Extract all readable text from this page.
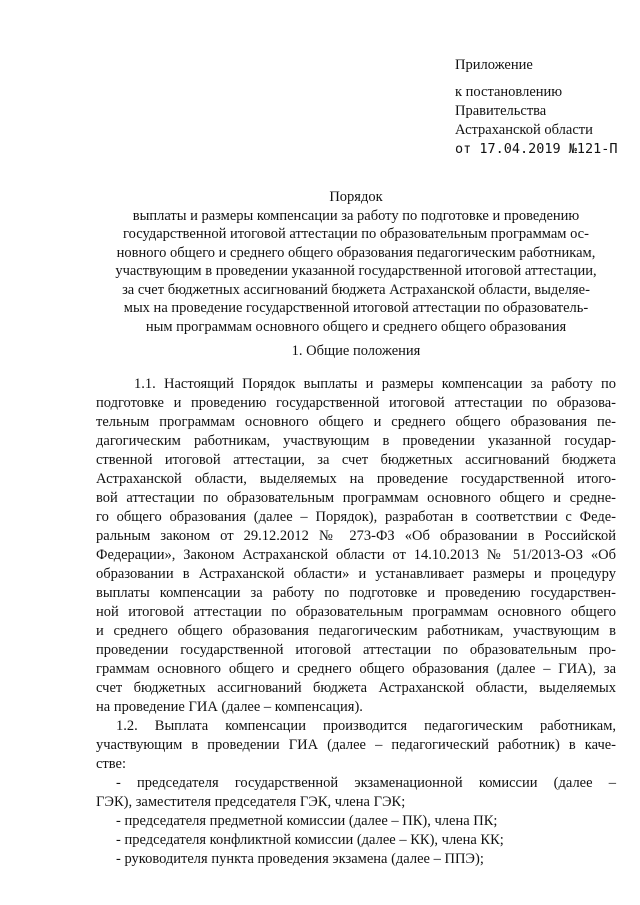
Приложение
к постановлению
Правительства
Астраханской области
от 17.04.2019 №121-П
Порядок
выплаты и размеры компенсации за работу по подготовке и проведению
государственной итоговой аттестации по образовательным программам ос-
новного общего и среднего общего образования педагогическим работникам,
участвующим в проведении указанной государственной итоговой аттестации,
за счет бюджетных ассигнований бюджета Астраханской области, выделяе-
мых на проведение государственной итоговой аттестации по образователь-
ным программам основного общего и среднего общего образования
1. Общие положения
1.1. Настоящий Порядок выплаты и размеры компенсации за работу по
подготовке и проведению государственной итоговой аттестации по образова-
тельным программам основного общего и среднего общего образования пе-
дагогическим работникам, участвующим в проведении указанной государ-
ственной итоговой аттестации, за счет бюджетных ассигнований бюджета
Астраханской области, выделяемых на проведение государственной итого-
вой аттестации по образовательным программам основного общего и средне-
го общего образования (далее – Порядок), разработан в соответствии с Феде-
ральным законом от 29.12.2012 № 273-ФЗ «Об образовании в Российской
Федерации», Законом Астраханской области от 14.10.2013 № 51/2013-ОЗ «Об
образовании в Астраханской области» и устанавливает размеры и процедуру
выплаты компенсации за работу по подготовке и проведению государствен-
ной итоговой аттестации по образовательным программам основного общего
и среднего общего образования педагогическим работникам, участвующим в
проведении государственной итоговой аттестации по образовательным про-
граммам основного общего и среднего общего образования (далее – ГИА), за
счет бюджетных ассигнований бюджета Астраханской области, выделяемых
на проведение ГИА (далее – компенсация).
1.2. Выплата компенсации производится педагогическим работникам,
участвующим в проведении ГИА (далее – педагогический работник) в каче-
стве:
- председателя государственной экзаменационной комиссии (далее –
ГЭК), заместителя председателя ГЭК, члена ГЭК;
- председателя предметной комиссии (далее – ПК), члена ПК;
- председателя конфликтной комиссии (далее – КК), члена КК;
- руководителя пункта проведения экзамена (далее – ППЭ);
